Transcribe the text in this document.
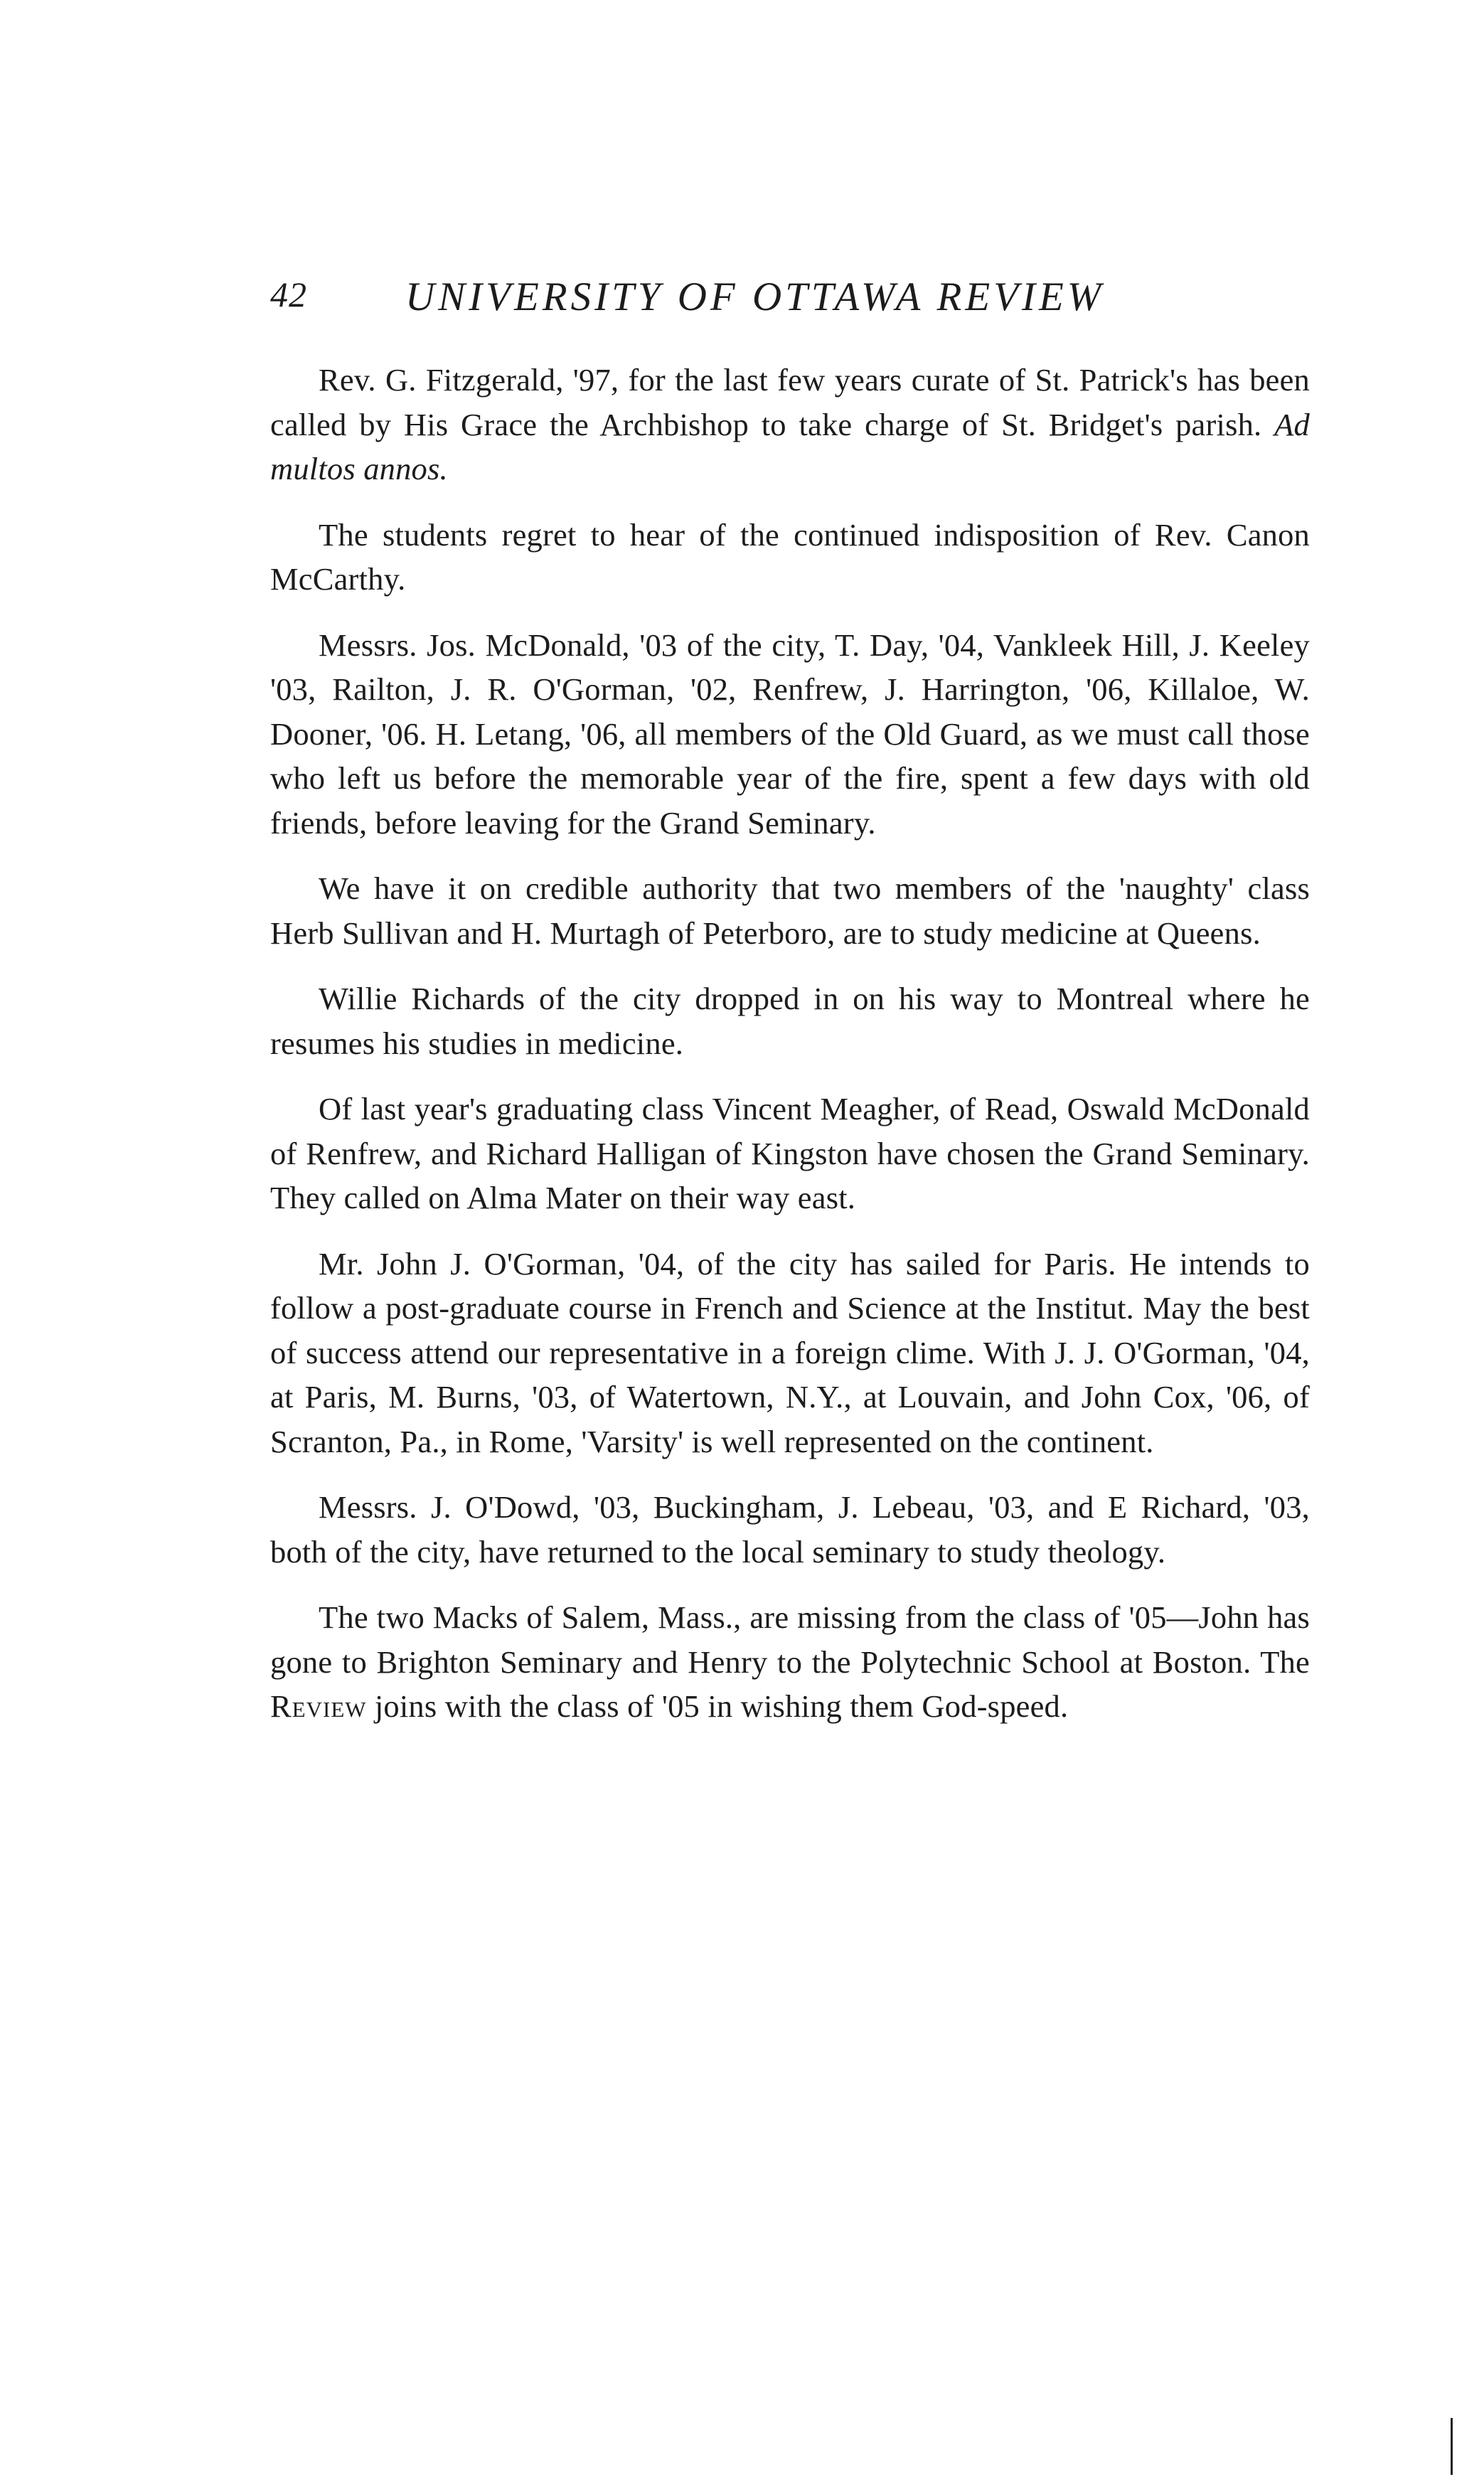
42 UNIVERSITY OF OTTAWA REVIEW

Rev. G. Fitzgerald, '97, for the last few years curate of St. Patrick's has been called by His Grace the Archbishop to take charge of St. Bridget's parish. Ad multos annos.

The students regret to hear of the continued indisposition of Rev. Canon McCarthy.

Messrs. Jos. McDonald, '03 of the city, T. Day, '04, Vankleek Hill, J. Keeley '03, Railton, J. R. O'Gorman, '02, Renfrew, J. Harrington, '06, Killaloe, W. Dooner, '06. H. Letang, '06, all members of the Old Guard, as we must call those who left us before the memorable year of the fire, spent a few days with old friends, before leaving for the Grand Seminary.

We have it on credible authority that two members of the 'naughty' class Herb Sullivan and H. Murtagh of Peterboro, are to study medicine at Queens.

Willie Richards of the city dropped in on his way to Montreal where he resumes his studies in medicine.

Of last year's graduating class Vincent Meagher, of Read, Oswald McDonald of Renfrew, and Richard Halligan of Kingston have chosen the Grand Seminary. They called on Alma Mater on their way east.

Mr. John J. O'Gorman, '04, of the city has sailed for Paris. He intends to follow a post-graduate course in French and Science at the Institut. May the best of success attend our representative in a foreign clime. With J. J. O'Gorman, '04, at Paris, M. Burns, '03, of Watertown, N.Y., at Louvain, and John Cox, '06, of Scranton, Pa., in Rome, 'Varsity' is well represented on the continent.

Messrs. J. O'Dowd, '03, Buckingham, J. Lebeau, '03, and E Richard, '03, both of the city, have returned to the local seminary to study theology.

The two Macks of Salem, Mass., are missing from the class of '05—John has gone to Brighton Seminary and Henry to the Polytechnic School at Boston. The Review joins with the class of '05 in wishing them God-speed.
